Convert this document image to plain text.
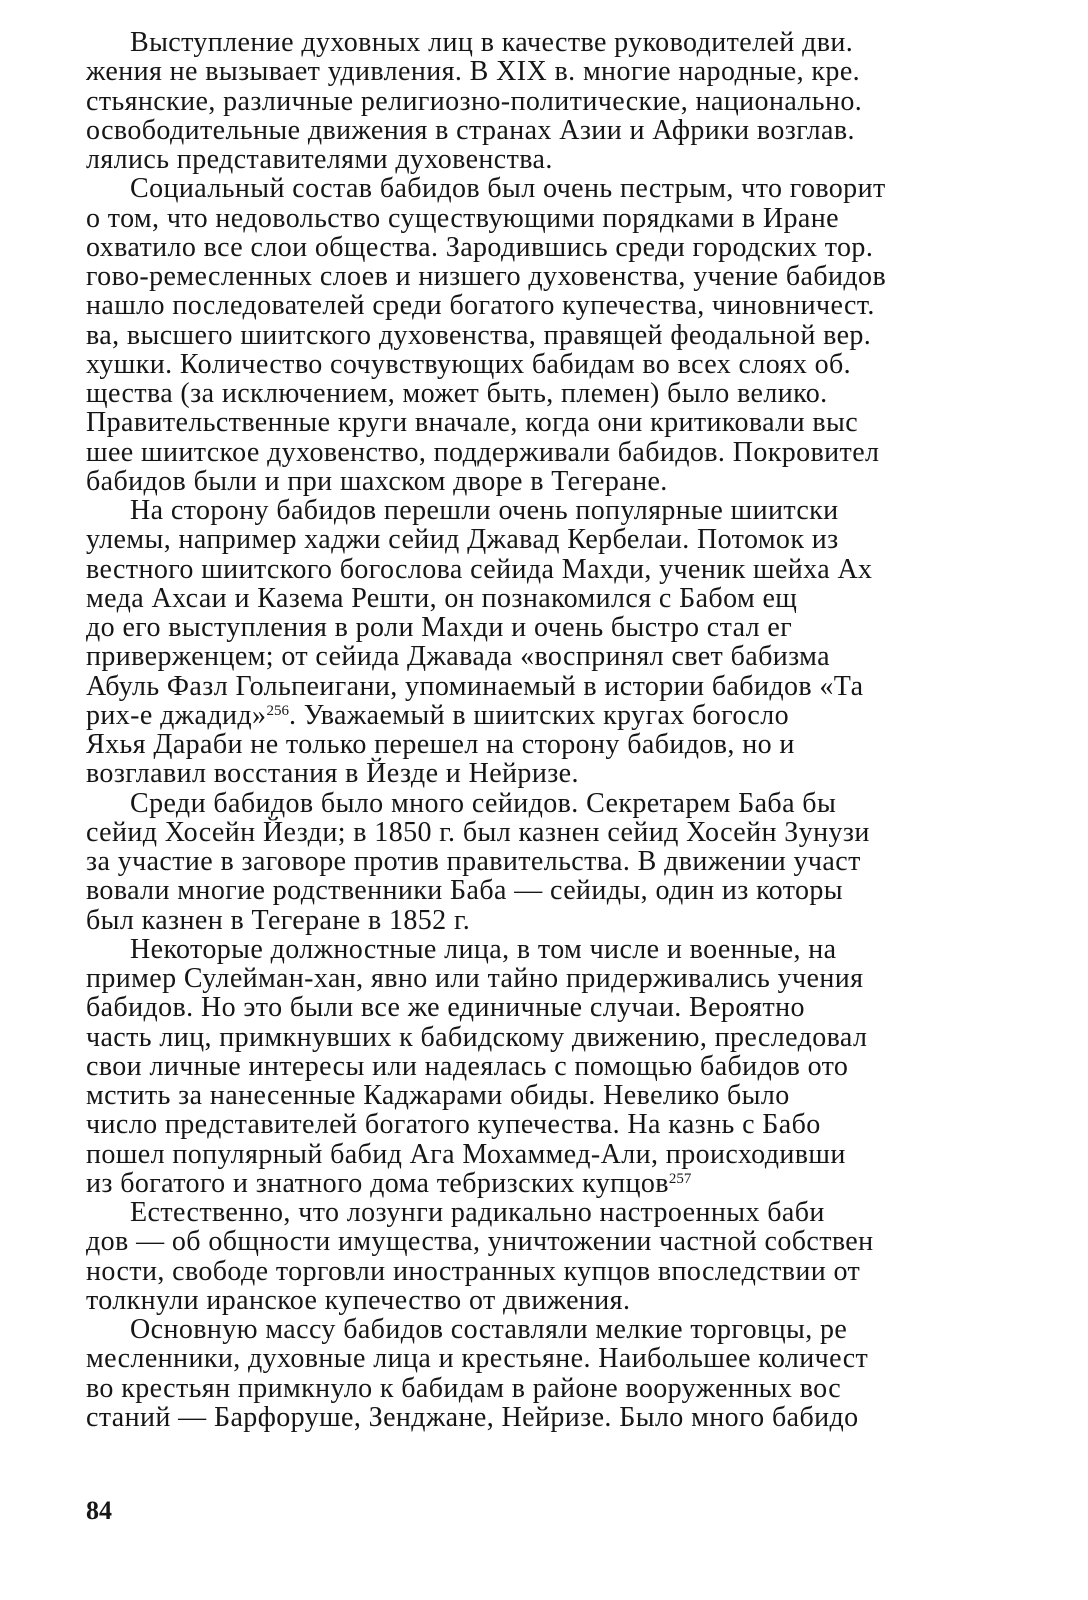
Выступление духовных лиц в качестве руководителей дви.
жения не вызывает удивления. В XIX в. многие народные, кре.
стьянские, различные религиозно-политические, национально.
освободительные движения в странах Азии и Африки возглав.
лялись представителями духовенства.
Социальный состав бабидов был очень пестрым, что говорит
о том, что недовольство существующими порядками в Иране
охватило все слои общества. Зародившись среди городских тор.
гово-ремесленных слоев и низшего духовенства, учение бабидов
нашло последователей среди богатого купечества, чиновничест.
ва, высшего шиитского духовенства, правящей феодальной вер.
хушки. Количество сочувствующих бабидам во всех слоях об.
щества (за исключением, может быть, племен) было велико.
Правительственные круги вначале, когда они критиковали выс
шее шиитское духовенство, поддерживали бабидов. Покровител
бабидов были и при шахском дворе в Тегеране.
На сторону бабидов перешли очень популярные шиитски
улемы, например хаджи сейид Джавад Кербелаи. Потомок из
вестного шиитского богослова сейида Махди, ученик шейха Ах
меда Ахсаи и Казема Решти, он познакомился с Бабом ещ
до его выступления в роли Махди и очень быстро стал ег
приверженцем; от сейида Джавада «воспринял свет бабизма
Абуль Фазл Гольпеигани, упоминаемый в истории бабидов «Та
рих-е джадид»$^{256}$. Уважаемый в шиитских кругах богосло
Яхья Дараби не только перешел на сторону бабидов, но и
возглавил восстания в Йезде и Нейризе.
Среди бабидов было много сейидов. Секретарем Баба бы
сейид Хосейн Йезди; в 1850 г. был казнен сейид Хосейн Зунузи
за участие в заговоре против правительства. В движении участ
вовали многие родственники Баба — сейиды, один из которы
был казнен в Тегеране в 1852 г.
Некоторые должностные лица, в том числе и военные, на
пример Сулейман-хан, явно или тайно придерживались учения
бабидов. Но это были все же единичные случаи. Вероятно
часть лиц, примкнувших к бабидскому движению, преследовал
свои личные интересы или надеялась с помощью бабидов ото
мстить за нанесенные Каджарами обиды. Невелико было
число представителей богатого купечества. На казнь с Бабо
пошел популярный бабид Ага Мохаммед-Али, происходивши
из богатого и знатного дома тебризских купцов$^{257}$
Естественно, что лозунги радикально настроенных баби
дов — об общности имущества, уничтожении частной собствен
ности, свободе торговли иностранных купцов впоследствии от
толкнули иранское купечество от движения.
Основную массу бабидов составляли мелкие торговцы, ре
месленники, духовные лица и крестьяне. Наибольшее количест
во крестьян примкнуло к бабидам в районе вооруженных вос
станий — Барфоруше, Зенджане, Нейризе. Было много бабидо
84
